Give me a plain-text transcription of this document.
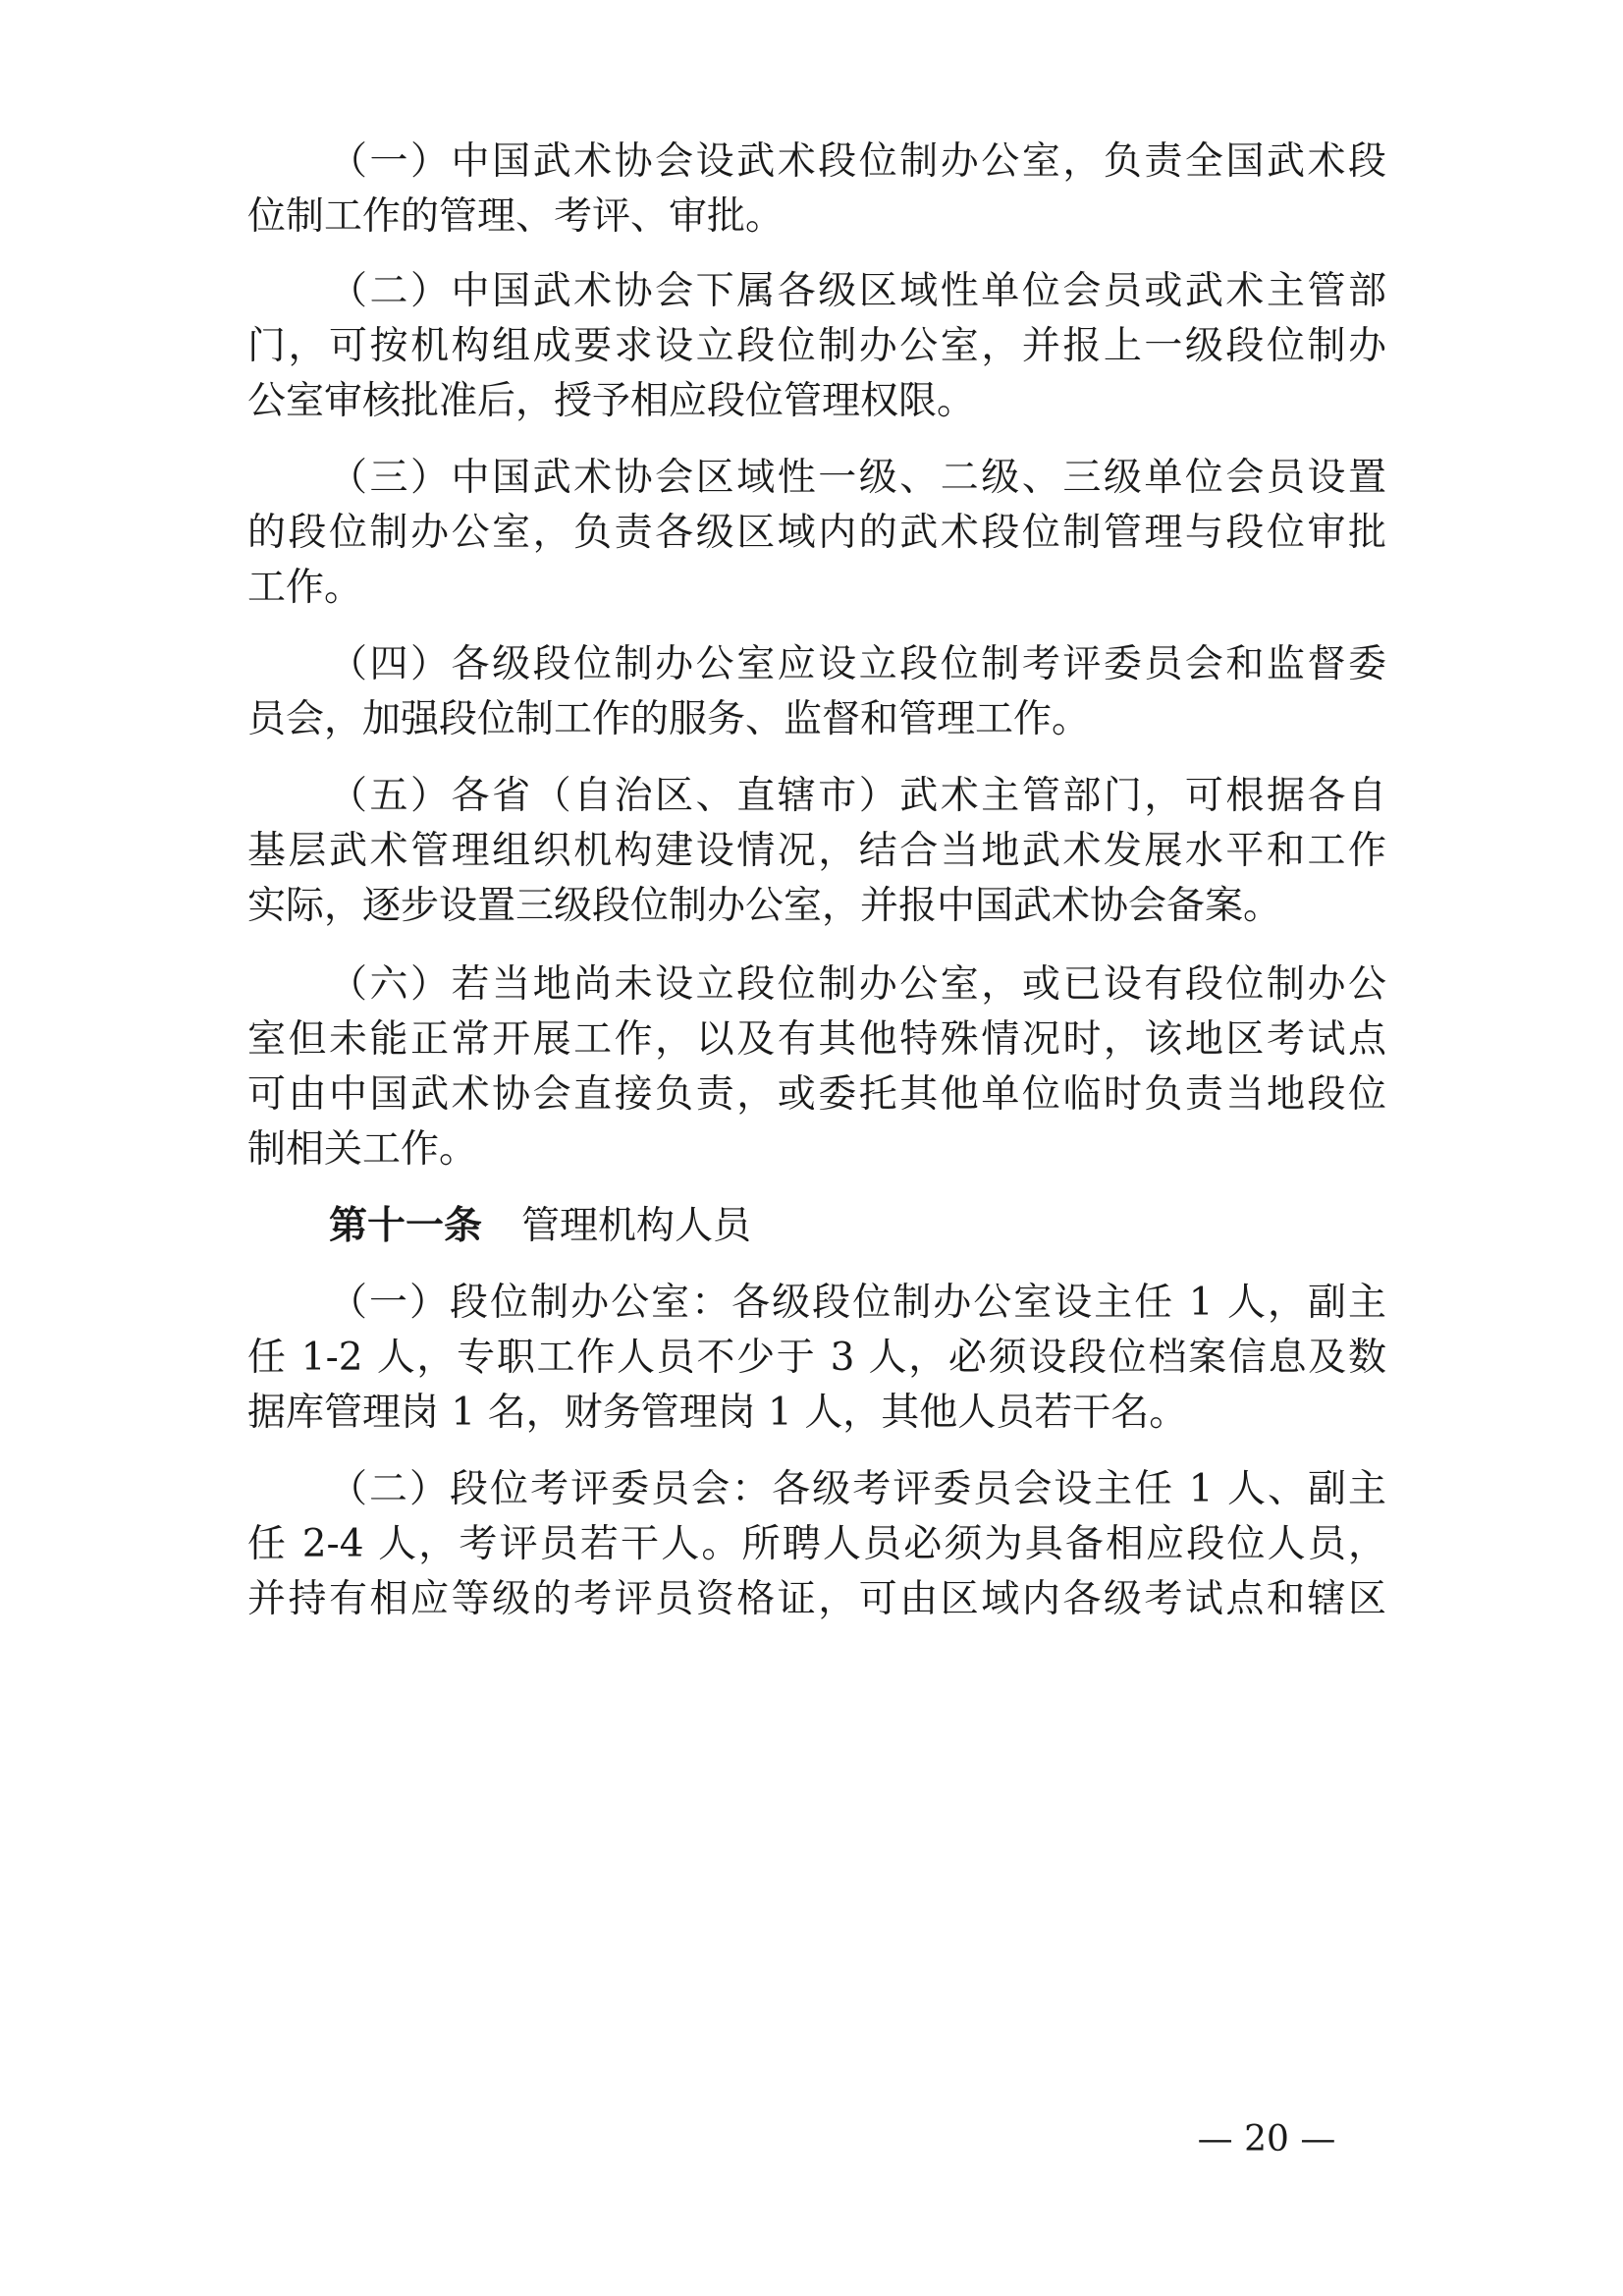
（一）中国武术协会设武术段位制办公室，负责全国武术段
位制工作的管理、考评、审批。
（二）中国武术协会下属各级区域性单位会员或武术主管部
门，可按机构组成要求设立段位制办公室，并报上一级段位制办
公室审核批准后，授予相应段位管理权限。
（三）中国武术协会区域性一级、二级、三级单位会员设置
的段位制办公室，负责各级区域内的武术段位制管理与段位审批
工作。
（四）各级段位制办公室应设立段位制考评委员会和监督委
员会，加强段位制工作的服务、监督和管理工作。
（五）各省（自治区、直辖市）武术主管部门，可根据各自
基层武术管理组织机构建设情况，结合当地武术发展水平和工作
实际，逐步设置三级段位制办公室，并报中国武术协会备案。
（六）若当地尚未设立段位制办公室，或已设有段位制办公
室但未能正常开展工作，以及有其他特殊情况时，该地区考试点
可由中国武术协会直接负责，或委托其他单位临时负责当地段位
制相关工作。
第十一条 管理机构人员
（一）段位制办公室：各级段位制办公室设主任 1 人，副主
任 1-2 人，专职工作人员不少于 3 人，必须设段位档案信息及数
据库管理岗 1 名，财务管理岗 1 人，其他人员若干名。
（二）段位考评委员会：各级考评委员会设主任 1 人、副主
任 2-4 人，考评员若干人。所聘人员必须为具备相应段位人员，
并持有相应等级的考评员资格证，可由区域内各级考试点和辖区
— 20 —
